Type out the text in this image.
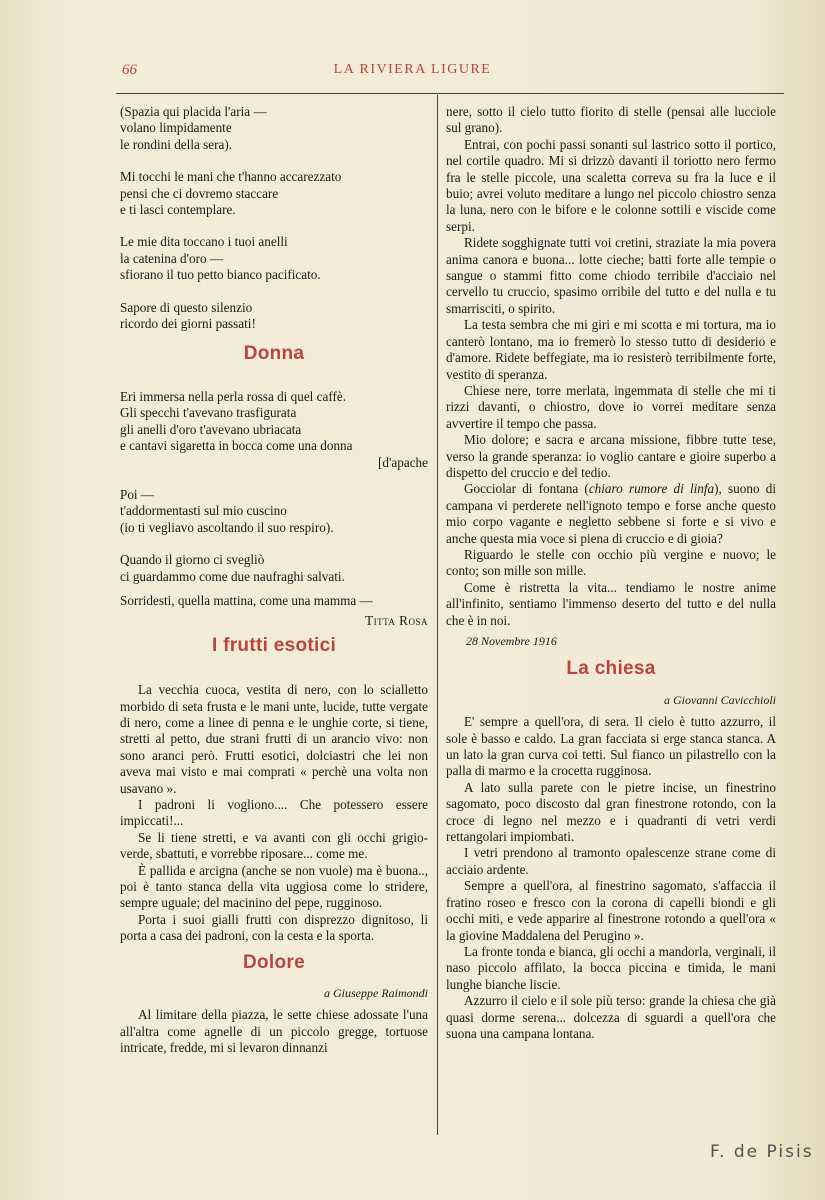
66	LA RIVIERA LIGURE
(Spazia qui placida l'aria —
volano limpidamente
le rondini della sera).
Mi tocchi le mani che t'hanno accarezzato
pensi che ci dovremo staccare
e ti lasci contemplare.
Le mie dita toccano i tuoi anelli
la catenina d'oro —
sfiorano il tuo petto bianco pacificato.
Sapore di questo silenzio
ricordo dei giorni passati!
Donna
Eri immersa nella perla rossa di quel caffè.
Gli specchi t'avevano trasfigurata
gli anelli d'oro t'avevano ubriacata
e cantavi sigaretta in bocca come una donna
[d'apache
Poi —
t'addormentasti sul mio cuscino
(io ti vegliavo ascoltando il suo respiro).
Quando il giorno ci svegliò
ci guardammo come due naufraghi salvati.
Sorridesti, quella mattina, come una mamma —
Titta Rosa
I frutti esotici

La vecchia cuoca, vestita di nero, con lo scialletto morbido di seta frusta e le mani unte, lucide, tutte vergate di nero, come a linee di penna e le unghie corte, si tiene, stretti al petto, due strani frutti di un arancio vivo: non sono aranci però. Frutti esotici, dolciastri che lei non aveva mai visto e mai comprati « perchè una volta non usavano ».

I padroni li vogliono.... Che potessero essere impiccati!...

Se li tiene stretti, e va avanti con gli occhi grigio-verde, sbattuti, e vorrebbe riposare... come me.

È pallida e arcigna (anche se non vuole) ma è buona.., poi è tanto stanca della vita uggiosa come lo stridere, sempre uguale; del macinino del pepe, rugginoso.

Porta i suoi gialli frutti con disprezzo dignitoso, li porta a casa dei padroni, con la cesta e la sporta.

Dolore
a Giuseppe Raimondi

Al limitare della piazza, le sette chiese adossate l'una all'altra come agnelle di un piccolo gregge, tortuose intricate, fredde, mi si levaron dinnanzi

nere, sotto il cielo tutto fiorito di stelle (pensai alle lucciole sul grano).

Entrai, con pochi passi sonanti sul lastrico sotto il portico, nel cortile quadro. Mi si drizzò davanti il toriotto nero fermo fra le stelle piccole, una scaletta correva su fra la luce e il buio; avrei voluto meditare a lungo nel piccolo chiostro senza la luna, nero con le bifore e le colonne sottili e viscide come serpi.

Ridete sogghignate tutti voi cretini, straziate la mia povera anima canora e buona... lotte cieche; batti forte alle tempie o sangue o stammi fitto come chiodo terribile d'acciaio nel cervello tu cruccio, spasimo orribile del tutto e del nulla e tu smarrisciti, o spirito.

La testa sembra che mi giri e mi scotta e mi tortura, ma io canterò lontano, ma io fremerò lo stesso tutto di desiderio e d'amore. Ridete beffegiate, ma io resisterò terribilmente forte, vestito di speranza.

Chiese nere, torre merlata, ingemmata di stelle che mi ti rizzi davanti, o chiostro, dove io vorrei meditare senza avvertire il tempo che passa.

Mio dolore; e sacra e arcana missione, fibbre tutte tese, verso la grande speranza: io voglio cantare e gioire superbo a dispetto del cruccio e del tedio.

Gocciolar di fontana (chiaro rumore di linfa), suono di campana vi perderete nell'ignoto tempo e forse anche questo mio corpo vagante e negletto sebbene si forte e si vivo e anche questa mia voce si piena di cruccio e di gioia?

Riguardo le stelle con occhio più vergine e nuovo; le conto; son mille son mille.

Come è ristretta la vita... tendiamo le nostre anime all'infinito, sentiamo l'immenso deserto del tutto e del nulla che è in noi.

28 Novembre 1916
La chiesa
a Giovanni Cavicchioli

E' sempre a quell'ora, di sera. Il cielo è tutto azzurro, il sole è basso e caldo. La gran facciata si erge stanca stanca. A un lato la gran curva coi tetti. Sul fianco un pilastrello con la palla di marmo e la crocetta rugginosa.

A lato sulla parete con le pietre incise, un finestrino sagomato, poco discosto dal gran finestrone rotondo, con la croce di legno nel mezzo e i quadranti di vetri verdi rettangolari impiombati.

I vetri prendono al tramonto opalescenze strane come di acciaio ardente.

Sempre a quell'ora, al finestrino sagomato, s'affaccia il fratino roseo e fresco con la corona di capelli biondi e gli occhi miti, e vede apparire al finestrone rotondo a quell'ora « la giovine Maddalena del Perugino ».

La fronte tonda e bianca, gli occhi a mandorla, verginali, il naso piccolo affilato, la bocca piccina e timida, le mani lunghe bianche liscie.

Azzurro il cielo e il sole più terso: grande la chiesa che già quasi dorme serena... dolcezza di sguardi a quell'ora che suona una campana lontana.

F. de Pisis
